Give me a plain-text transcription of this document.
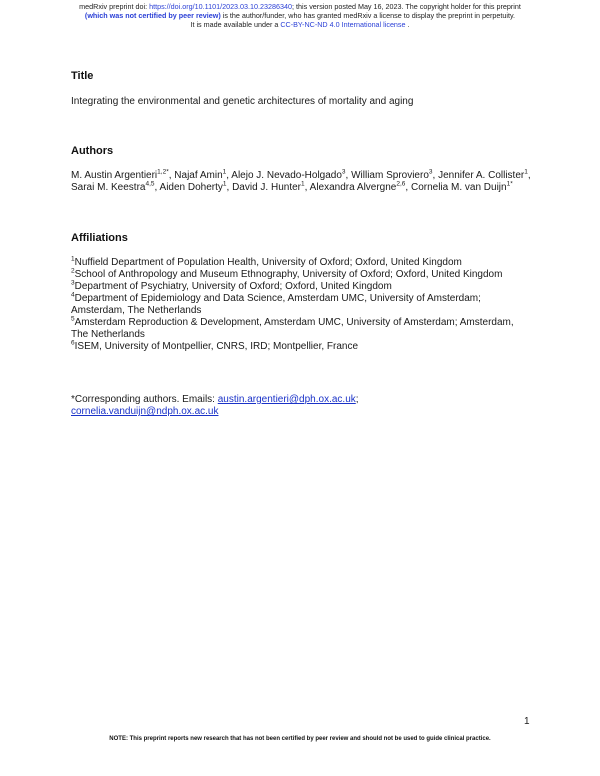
medRxiv preprint doi: https://doi.org/10.1101/2023.03.10.23286340; this version posted May 16, 2023. The copyright holder for this preprint
(which was not certified by peer review) is the author/funder, who has granted medRxiv a license to display the preprint in perpetuity.
It is made available under a CC-BY-NC-ND 4.0 International license .
Title

Integrating the environmental and genetic architectures of mortality and aging

Authors

M. Austin Argentieri$^{1,2*}$, Najaf Amin$^1$, Alejo J. Nevado-Holgado$^3$, William Sproviero$^3$, Jennifer A. Collister$^1$, Sarai M. Keestra$^{4,5}$, Aiden Doherty$^1$, David J. Hunter$^1$, Alexandra Alvergne$^{2,6}$, Cornelia M. van Duijn$^{1*}$

Affiliations

$^1$Nuffield Department of Population Health, University of Oxford; Oxford, United Kingdom

$^2$School of Anthropology and Museum Ethnography, University of Oxford; Oxford, United Kingdom

$^3$Department of Psychiatry, University of Oxford; Oxford, United Kingdom

$^4$Department of Epidemiology and Data Science, Amsterdam UMC, University of Amsterdam; Amsterdam, The Netherlands

$^5$Amsterdam Reproduction & Development, Amsterdam UMC, University of Amsterdam; Amsterdam, The Netherlands

$^6$ISEM, University of Montpellier, CNRS, IRD; Montpellier, France

*Corresponding authors. Emails: austin.argentieri@dph.ox.ac.uk;
cornelia.vanduijn@ndph.ox.ac.uk

1
NOTE: This preprint reports new research that has not been certified by peer review and should not be used to guide clinical practice.
